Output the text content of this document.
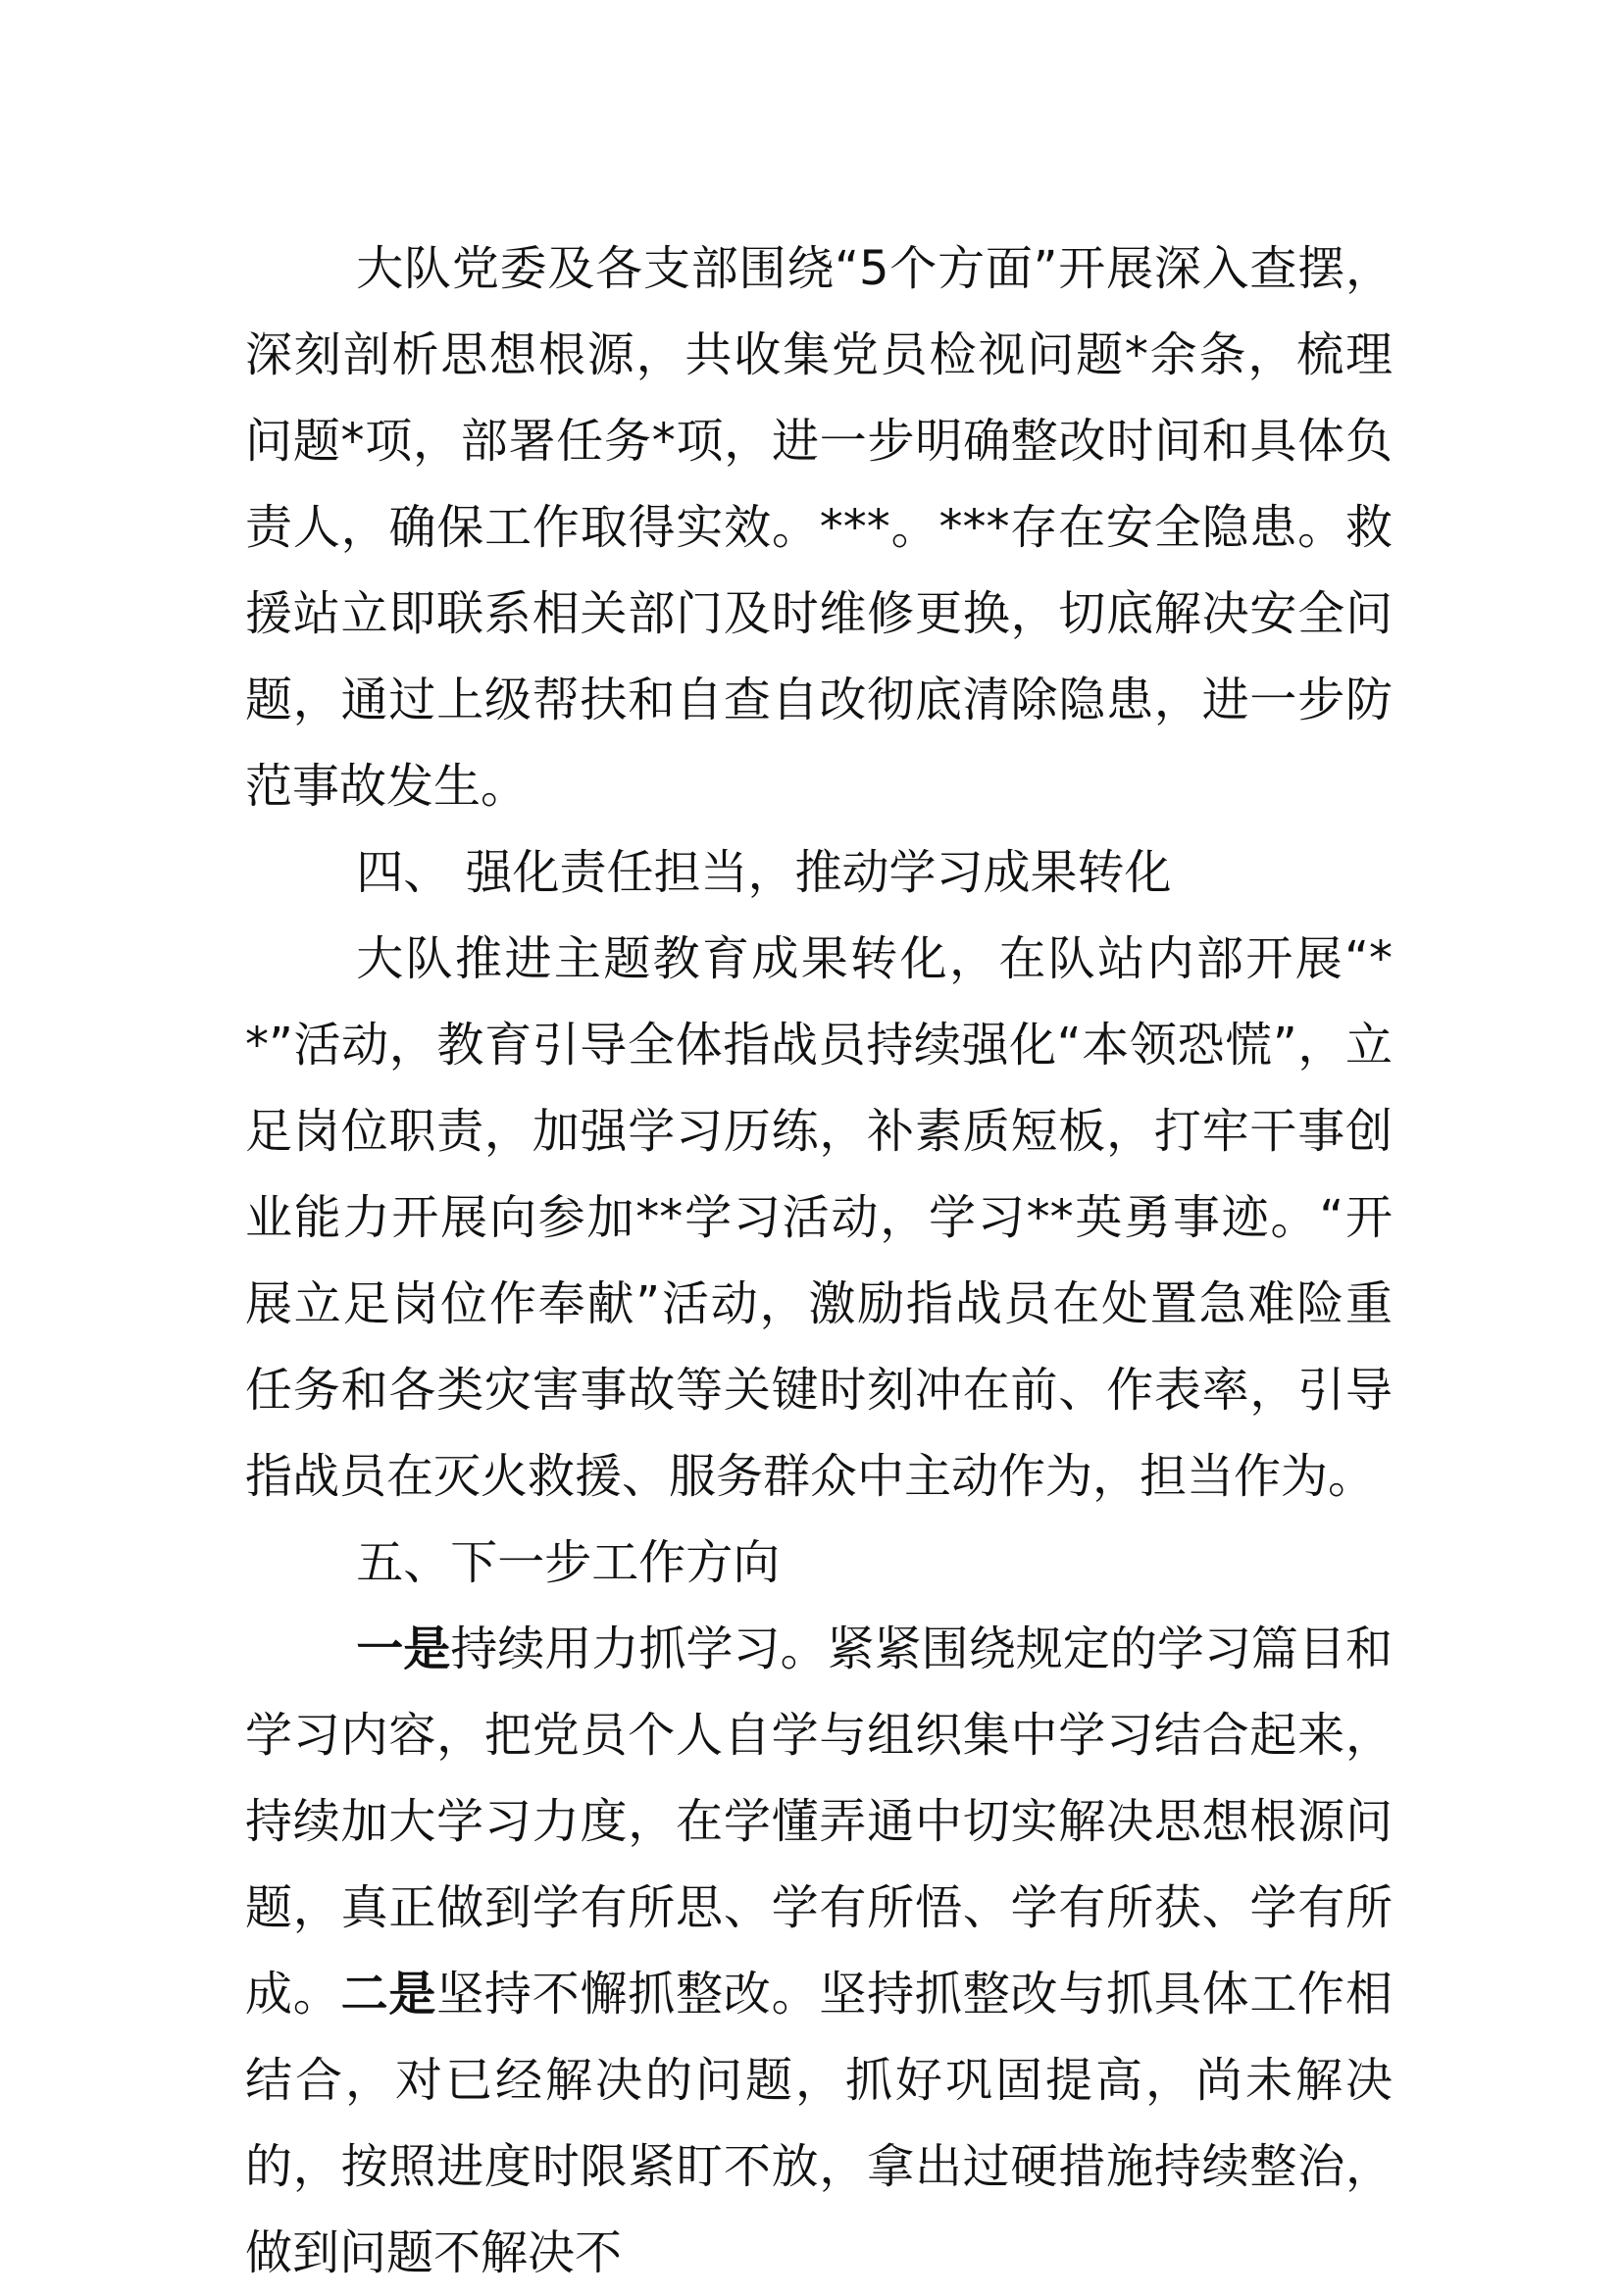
大队党委及各支部围绕“5个方面”开展深入查摆，深刻剖析思想根源，共收集党员检视问题*余条，梳理问题*项，部署任务*项，进一步明确整改时间和具体负责人，确保工作取得实效。***。***存在安全隐患。救援站立即联系相关部门及时维修更换，切底解决安全问题，通过上级帮扶和自查自改彻底清除隐患，进一步防范事故发生。

四、 强化责任担当，推动学习成果转化

大队推进主题教育成果转化，在队站内部开展“**”活动，教育引导全体指战员持续强化“本领恐慌”，立足岗位职责，加强学习历练，补素质短板，打牢干事创业能力开展向参加**学习活动，学习**英勇事迹。“开展立足岗位作奉献”活动，激励指战员在处置急难险重任务和各类灾害事故等关键时刻冲在前、作表率，引导指战员在灭火救援、服务群众中主动作为，担当作为。

五、下一步工作方向

一是持续用力抓学习。紧紧围绕规定的学习篇目和学习内容，把党员个人自学与组织集中学习结合起来，持续加大学习力度，在学懂弄通中切实解决思想根源问题，真正做到学有所思、学有所悟、学有所获、学有所成。二是坚持不懈抓整改。坚持抓整改与抓具体工作相结合，对已经解决的问题，抓好巩固提高，尚未解决的，按照进度时限紧盯不放，拿出过硬措施持续整治，做到问题不解决不
